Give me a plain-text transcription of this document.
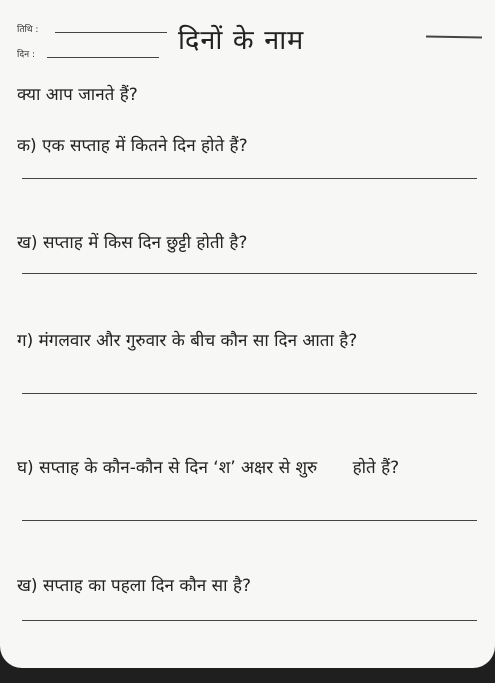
तिथि :
दिन :	दिनों के नाम
क्या आप जानते हैं?
क) एक सप्ताह में कितने दिन होते हैं?
ख) सप्ताह में किस दिन छुट्टी होती है?
ग) मंगलवार और गुरुवार के बीच कौन सा दिन आता है?
घ) सप्ताह के कौन-कौन से दिन ‘श’ अक्षर से शुरु होते हैं?
ख) सप्ताह का पहला दिन कौन सा है?
